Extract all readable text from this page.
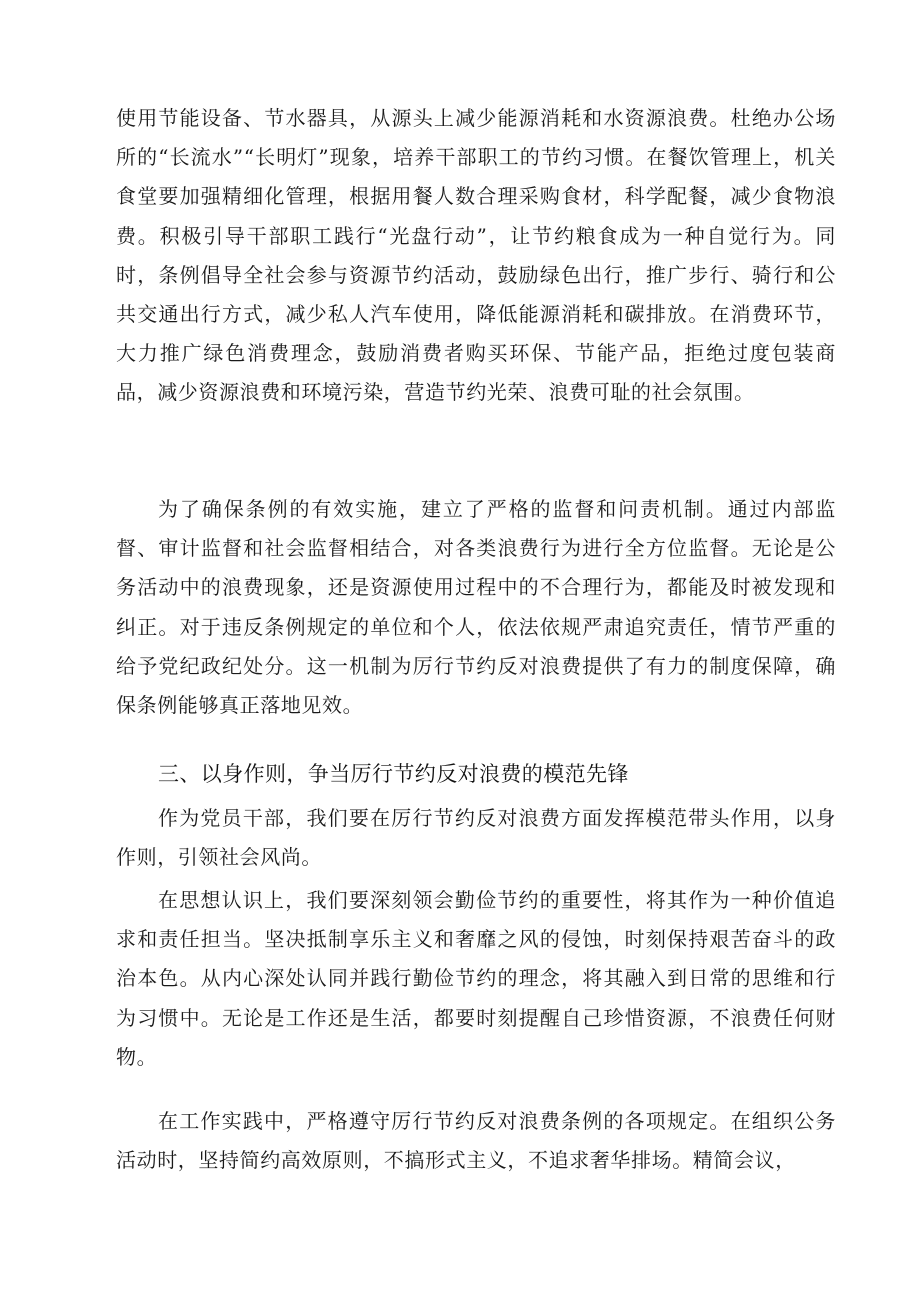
使用节能设备、节水器具，从源头上减少能源消耗和水资源浪费。杜绝办公场所的“长流水”“长明灯”现象，培养干部职工的节约习惯。在餐饮管理上，机关食堂要加强精细化管理，根据用餐人数合理采购食材，科学配餐，减少食物浪费。积极引导干部职工践行“光盘行动”，让节约粮食成为一种自觉行为。同时，条例倡导全社会参与资源节约活动，鼓励绿色出行，推广步行、骑行和公共交通出行方式，减少私人汽车使用，降低能源消耗和碳排放。在消费环节，大力推广绿色消费理念，鼓励消费者购买环保、节能产品，拒绝过度包装商品，减少资源浪费和环境污染，营造节约光荣、浪费可耻的社会氛围。

为了确保条例的有效实施，建立了严格的监督和问责机制。通过内部监督、审计监督和社会监督相结合，对各类浪费行为进行全方位监督。无论是公务活动中的浪费现象，还是资源使用过程中的不合理行为，都能及时被发现和纠正。对于违反条例规定的单位和个人，依法依规严肃追究责任，情节严重的给予党纪政纪处分。这一机制为厉行节约反对浪费提供了有力的制度保障，确保条例能够真正落地见效。

三、以身作则，争当厉行节约反对浪费的模范先锋

作为党员干部，我们要在厉行节约反对浪费方面发挥模范带头作用，以身作则，引领社会风尚。

在思想认识上，我们要深刻领会勤俭节约的重要性，将其作为一种价值追求和责任担当。坚决抵制享乐主义和奢靡之风的侵蚀，时刻保持艰苦奋斗的政治本色。从内心深处认同并践行勤俭节约的理念，将其融入到日常的思维和行为习惯中。无论是工作还是生活，都要时刻提醒自己珍惜资源，不浪费任何财物。

在工作实践中，严格遵守厉行节约反对浪费条例的各项规定。在组织公务活动时，坚持简约高效原则，不搞形式主义，不追求奢华排场。精简会议，
